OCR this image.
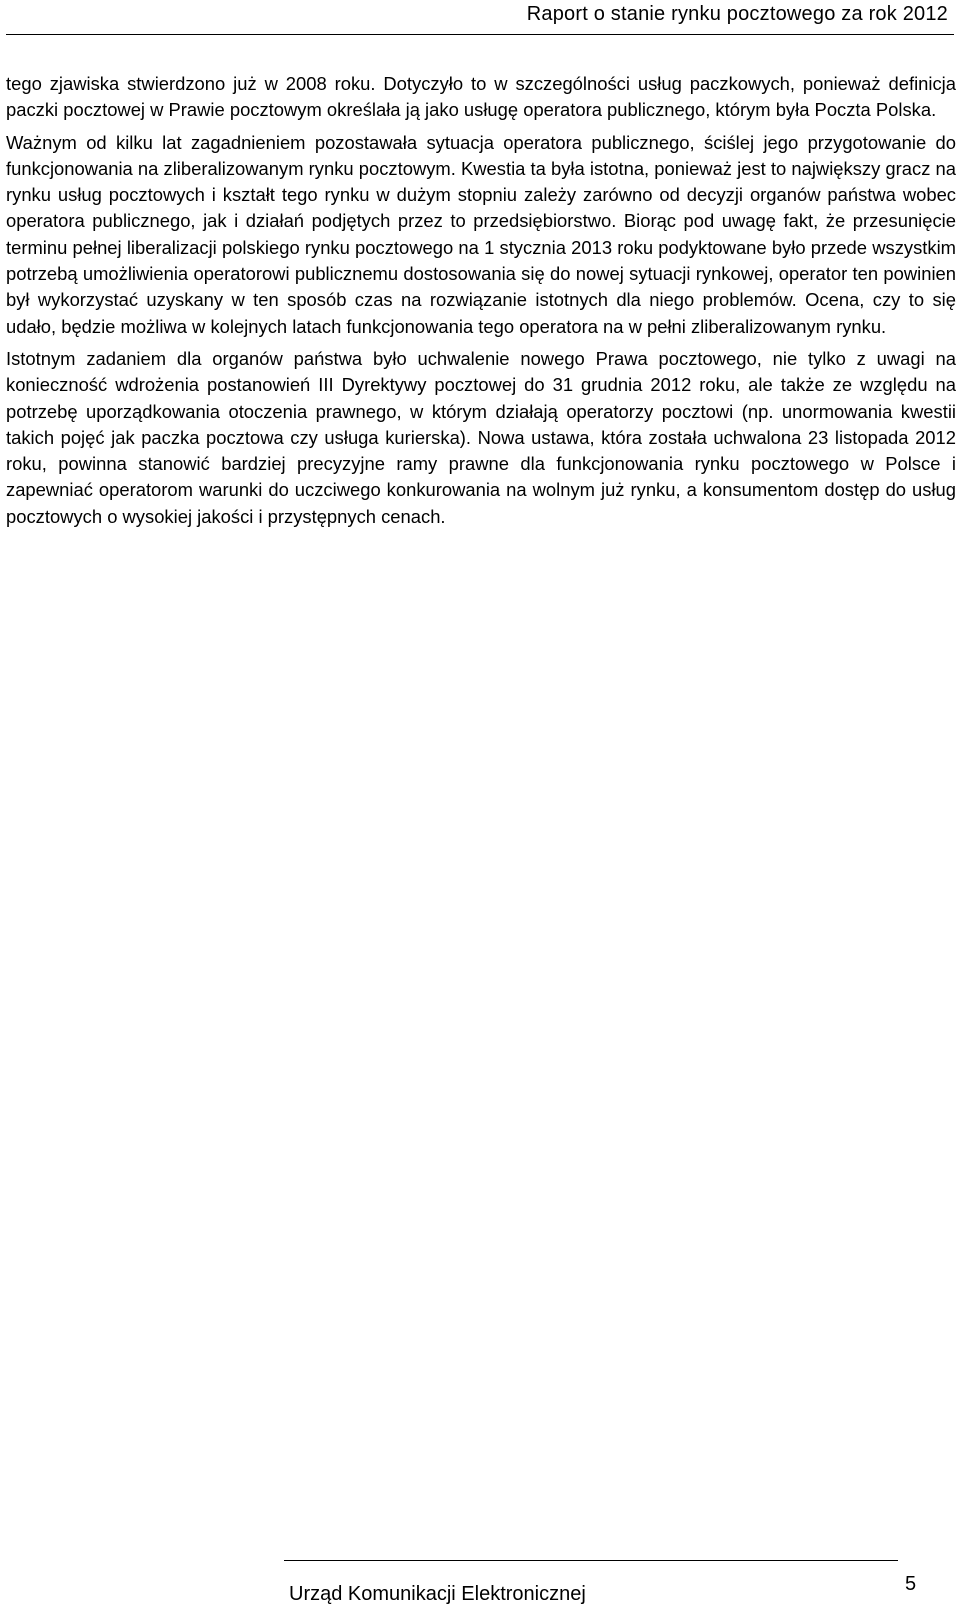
Raport o stanie rynku pocztowego za rok 2012

tego zjawiska stwierdzono już w 2008 roku. Dotyczyło to w szczególności usług paczkowych, ponieważ definicja paczki pocztowej w Prawie pocztowym określała ją jako usługę operatora publicznego, którym była Poczta Polska.

Ważnym od kilku lat zagadnieniem pozostawała sytuacja operatora publicznego, ściślej jego przygotowanie do funkcjonowania na zliberalizowanym rynku pocztowym. Kwestia ta była istotna, ponieważ jest to największy gracz na rynku usług pocztowych i kształt tego rynku w dużym stopniu zależy zarówno od decyzji organów państwa wobec operatora publicznego, jak i działań podjętych przez to przedsiębiorstwo. Biorąc pod uwagę fakt, że przesunięcie terminu pełnej liberalizacji polskiego rynku pocztowego na 1 stycznia 2013 roku podyktowane było przede wszystkim potrzebą umożliwienia operatorowi publicznemu dostosowania się do nowej sytuacji rynkowej, operator ten powinien był wykorzystać uzyskany w ten sposób czas na rozwiązanie istotnych dla niego problemów. Ocena, czy to się udało, będzie możliwa w kolejnych latach funkcjonowania tego operatora na w pełni zliberalizowanym rynku.

Istotnym zadaniem dla organów państwa było uchwalenie nowego Prawa pocztowego, nie tylko z uwagi na konieczność wdrożenia postanowień III Dyrektywy pocztowej do 31 grudnia 2012 roku, ale także ze względu na potrzebę uporządkowania otoczenia prawnego, w którym działają operatorzy pocztowi (np. unormowania kwestii takich pojęć jak paczka pocztowa czy usługa kurierska). Nowa ustawa, która została uchwalona 23 listopada 2012 roku, powinna stanowić bardziej precyzyjne ramy prawne dla funkcjonowania rynku pocztowego w Polsce i zapewniać operatorom warunki do uczciwego konkurowania na wolnym już rynku, a konsumentom dostęp do usług pocztowych o wysokiej jakości i przystępnych cenach.

Urząd Komunikacji Elektronicznej	5
